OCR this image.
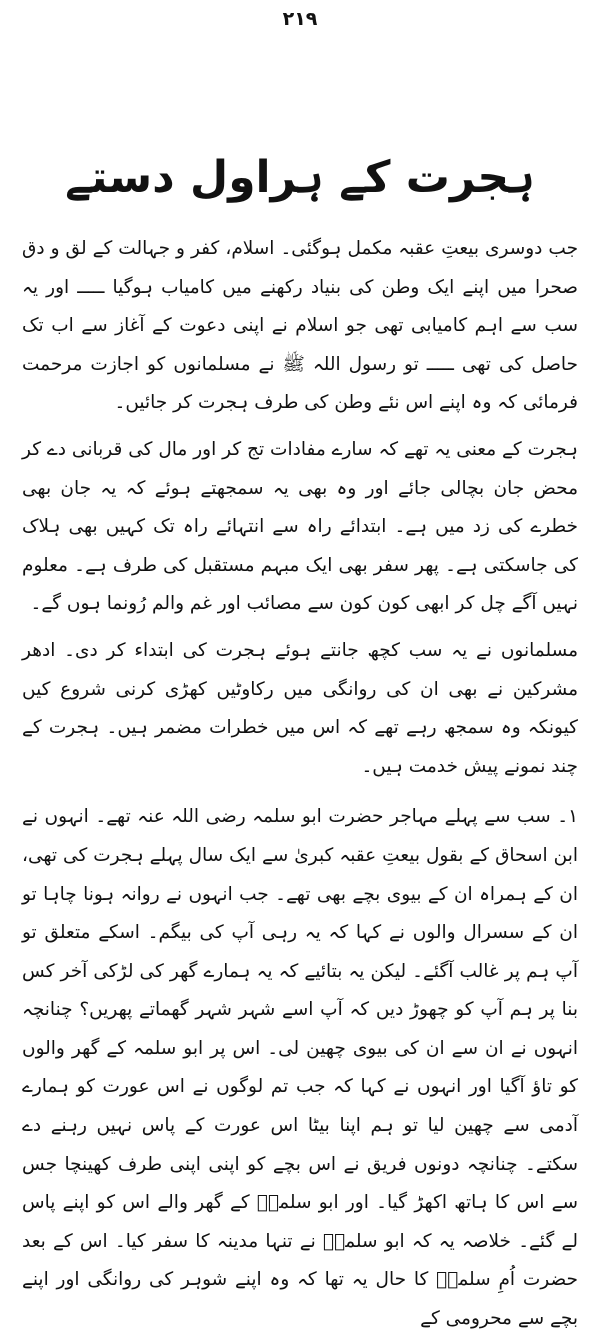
۲۱۹
ہجرت کے ہراول دستے

جب دوسری بیعتِ عقبہ مکمل ہوگئی۔ اسلام، کفر و جہالت کے لق و دق صحرا میں اپنے ایک وطن کی بنیاد رکھنے میں کامیاب ہوگیا ـــــ اور یہ سب سے اہم کامیابی تھی جو اسلام نے اپنی دعوت کے آغاز سے اب تک حاصل کی تھی ـــــ تو رسول اللہ ﷺ نے مسلمانوں کو اجازت مرحمت فرمائی کہ وہ اپنے اس نئے وطن کی طرف ہجرت کر جائیں۔

ہجرت کے معنی یہ تھے کہ سارے مفادات تج کر اور مال کی قربانی دے کر محض جان بچالی جائے اور وہ بھی یہ سمجھتے ہوئے کہ یہ جان بھی خطرے کی زد میں ہے۔ ابتدائے راہ سے انتہائے راہ تک کہیں بھی ہلاک کی جاسکتی ہے۔ پھر سفر بھی ایک مبہم مستقبل کی طرف ہے۔ معلوم نہیں آگے چل کر ابھی کون کون سے مصائب اور غم والم رُونما ہوں گے۔

مسلمانوں نے یہ سب کچھ جانتے ہوئے ہجرت کی ابتداء کر دی۔ ادھر مشرکین نے بھی ان کی روانگی میں رکاوٹیں کھڑی کرنی شروع کیں کیونکہ وہ سمجھ رہے تھے کہ اس میں خطرات مضمر ہیں۔ ہجرت کے چند نمونے پیش خدمت ہیں۔

۱۔ سب سے پہلے مہاجر حضرت ابو سلمہ رضی اللہ عنہ تھے۔ انہوں نے ابن اسحاق کے بقول بیعتِ عقبہ کبریٰ سے ایک سال پہلے ہجرت کی تھی، ان کے ہمراہ ان کے بیوی بچے بھی تھے۔ جب انہوں نے روانہ ہونا چاہا تو ان کے سسرال والوں نے کہا کہ یہ رہی آپ کی بیگم۔ اسکے متعلق تو آپ ہم پر غالب آگئے۔ لیکن یہ بتائیے کہ یہ ہمارے گھر کی لڑکی آخر کس بنا پر ہم آپ کو چھوڑ دیں کہ آپ اسے شہر شہر گھماتے پھریں؟ چنانچہ انہوں نے ان سے ان کی بیوی چھین لی۔ اس پر ابو سلمہ کے گھر والوں کو تاؤ آگیا اور انہوں نے کہا کہ جب تم لوگوں نے اس عورت کو ہمارے آدمی سے چھین لیا تو ہم اپنا بیٹا اس عورت کے پاس نہیں رہنے دے سکتے۔ چنانچہ دونوں فریق نے اس بچے کو اپنی اپنی طرف کھینچا جس سے اس کا ہاتھ اکھڑ گیا۔ اور ابو سلمہؓ کے گھر والے اس کو اپنے پاس لے گئے۔ خلاصہ یہ کہ ابو سلمہؓ نے تنہا مدینہ کا سفر کیا۔ اس کے بعد حضرت اُمِ سلمہؓ کا حال یہ تھا کہ وہ اپنے شوہر کی روانگی اور اپنے بچے سے محرومی کے
